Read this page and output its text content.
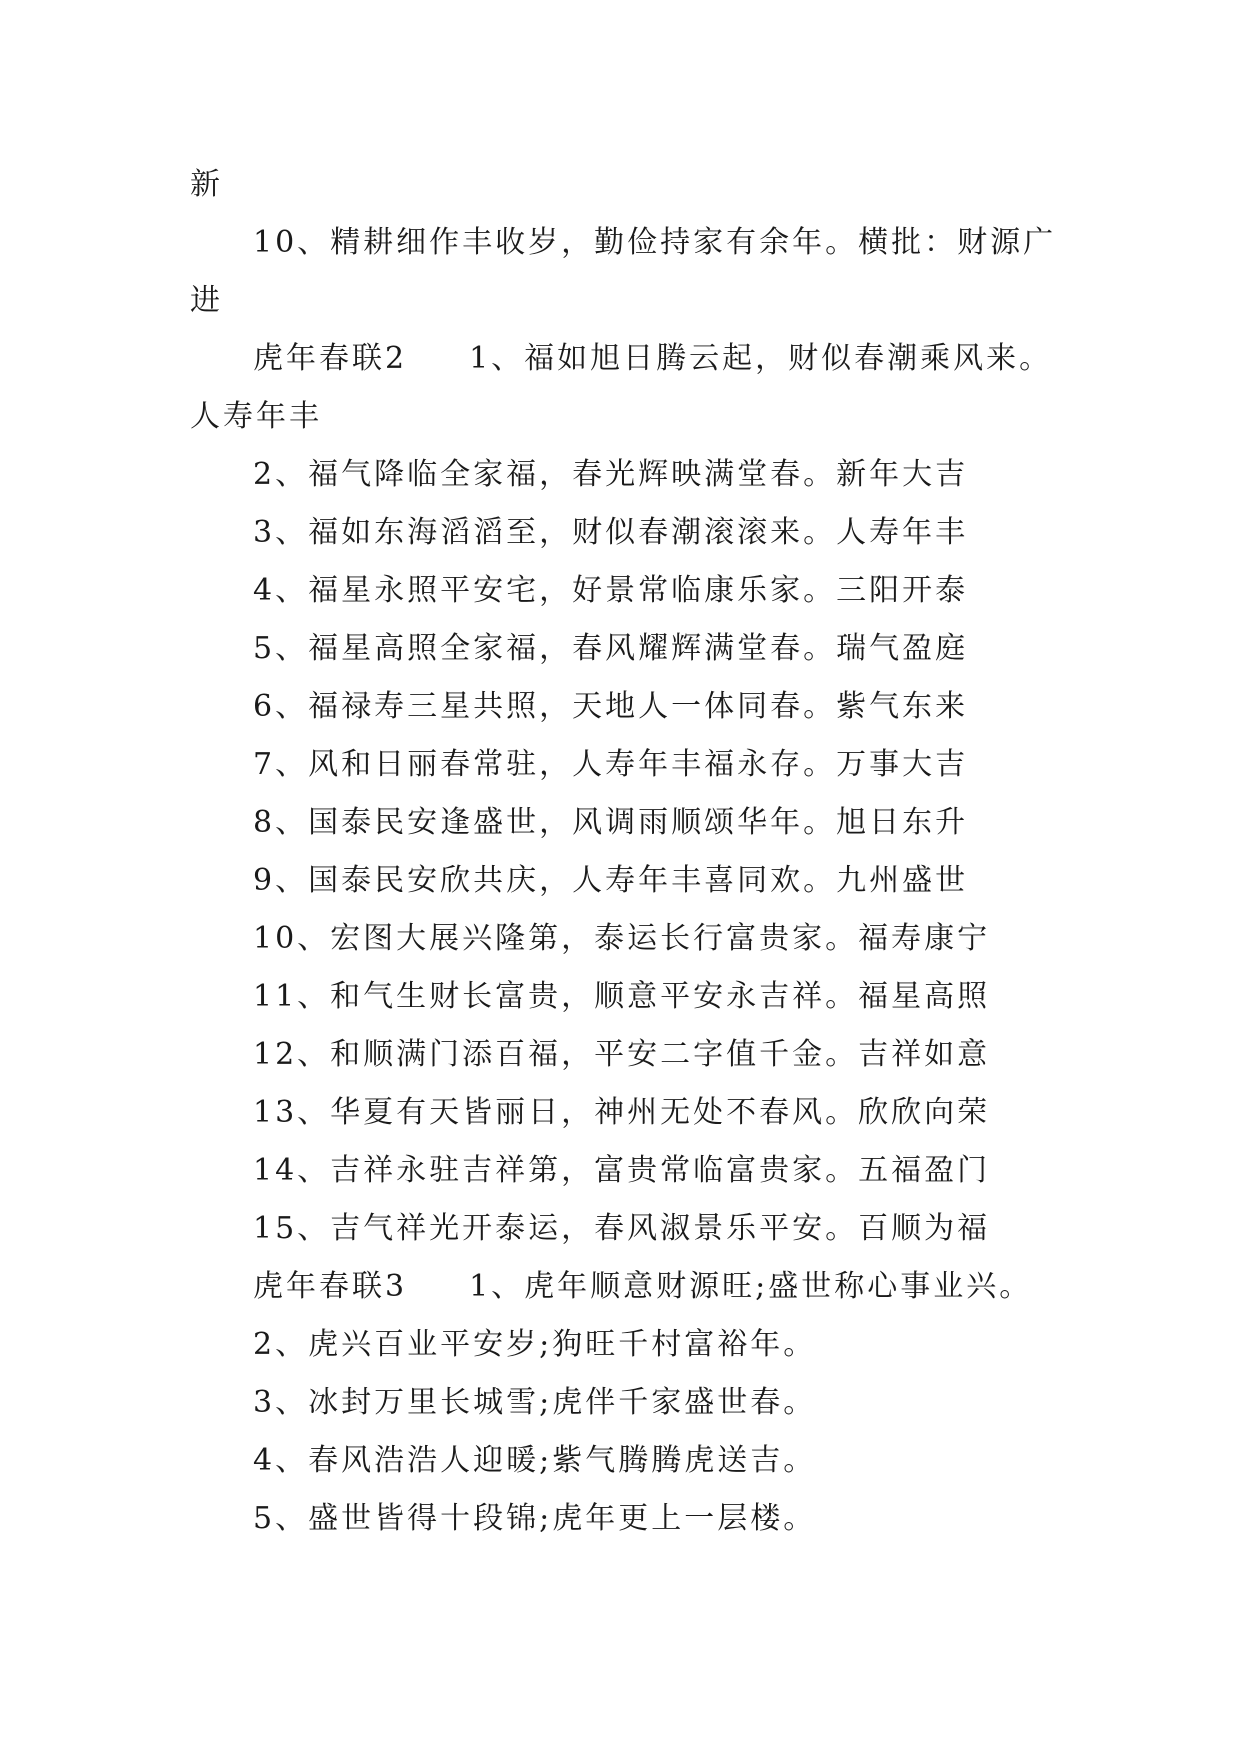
新
10、精耕细作丰收岁，勤俭持家有余年。横批：财源广
进
虎年春联2 1、福如旭日腾云起，财似春潮乘风来。
人寿年丰
2、福气降临全家福，春光辉映满堂春。新年大吉
3、福如东海滔滔至，财似春潮滚滚来。人寿年丰
4、福星永照平安宅，好景常临康乐家。三阳开泰
5、福星高照全家福，春风耀辉满堂春。瑞气盈庭
6、福禄寿三星共照，天地人一体同春。紫气东来
7、风和日丽春常驻，人寿年丰福永存。万事大吉
8、国泰民安逢盛世，风调雨顺颂华年。旭日东升
9、国泰民安欣共庆，人寿年丰喜同欢。九州盛世
10、宏图大展兴隆第，泰运长行富贵家。福寿康宁
11、和气生财长富贵，顺意平安永吉祥。福星高照
12、和顺满门添百福，平安二字值千金。吉祥如意
13、华夏有天皆丽日，神州无处不春风。欣欣向荣
14、吉祥永驻吉祥第，富贵常临富贵家。五福盈门
15、吉气祥光开泰运，春风淑景乐平安。百顺为福
虎年春联3 1、虎年顺意财源旺;盛世称心事业兴。
2、虎兴百业平安岁;狗旺千村富裕年。
3、冰封万里长城雪;虎伴千家盛世春。
4、春风浩浩人迎暖;紫气腾腾虎送吉。
5、盛世皆得十段锦;虎年更上一层楼。
